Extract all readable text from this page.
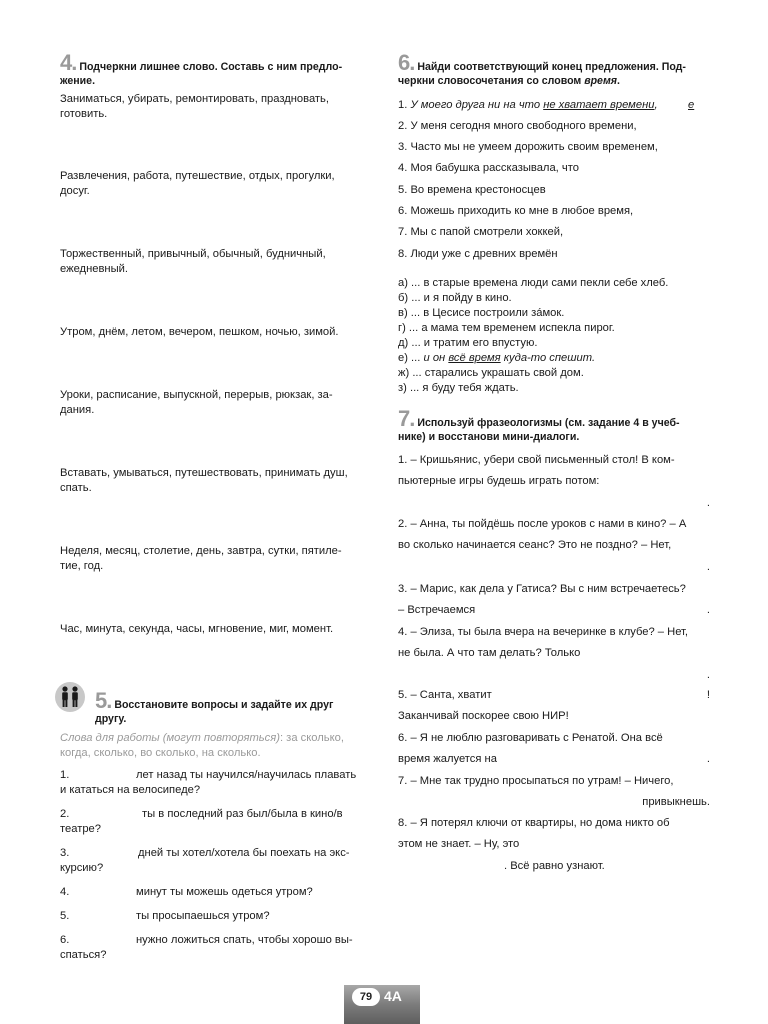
4. Подчеркни лишнее слово. Составь с ним предло-
жение.
Заниматься, убирать, ремонтировать, праздновать,
готовить.
Развлечения, работа, путешествие, отдых, прогулки,
досуг.
Торжественный, привычный, обычный, будничный,
ежедневный.
Утром, днём, летом, вечером, пешком, ночью, зимой.
Уроки, расписание, выпускной, перерыв, рюкзак, за-
дания.
Вставать, умываться, путешествовать, принимать душ,
спать.
Неделя, месяц, столетие, день, завтра, сутки, пятиле-
тие, год.
Час, минута, секунда, часы, мгновение, миг, момент.
5. Восстановите вопросы и задайте их друг
другу.
Слова для работы (могут повторяться): за сколько,
когда, сколько, во сколько, на сколько.
1.	лет назад ты научился/научилась плавать
и кататься на велосипеде?
2.	ты в последний раз был/была в кино/в
театре?
3.	дней ты хотел/хотела бы поехать на экс-
курсию?
4.	минут ты можешь одеться утром?
5.	ты просыпаешься утром?
6.	нужно ложиться спать, чтобы хорошо вы-
спаться?
6. Найди соответствующий конец предложения. Под-
черкни словосочетания со словом время.
1. У моего друга ни на что не хватает времени,	е
2. У меня сегодня много свободного времени,
3. Часто мы не умеем дорожить своим временем,
4. Моя бабушка рассказывала, что
5. Во времена крестоносцев
6. Можешь приходить ко мне в любое время,
7. Мы с папой смотрели хоккей,
8. Люди уже с древних времён
а) ... в старые времена люди сами пекли себе хлеб.
б) ... и я пойду в кино.
в) ... в Цесисе построили зáмок.
г) ... а мама тем временем испекла пирог.
д) ... и тратим его впустую.
е) ... и он всё время куда-то спешит.
ж) ... старались украшать свой дом.
з) ... я буду тебя ждать.
7. Используй фразеологизмы (см. задание 4 в учеб-
нике) и восстанови мини-диалоги.
1. – Кришьянис, убери свой письменный стол! В ком-
пьютерные игры будешь играть потом:
.
2. – Анна, ты пойдёшь после уроков с нами в кино? – А
во сколько начинается сеанс? Это не поздно? – Нет,
.
3. – Марис, как дела у Гатиса? Вы с ним встречаетесь?
– Встречаемся	.
4. – Элиза, ты была вчера на вечеринке в клубе? – Нет,
не была. А что там делать? Только
.
5. – Санта, хватит	!
Заканчивай поскорее свою НИР!
6. – Я не люблю разговаривать с Ренатой. Она всё
время жалуется на	.
7. – Мне так трудно просыпаться по утрам! – Ничего,
привыкнешь.
8. – Я потерял ключи от квартиры, но дома никто об
этом не знает. – Ну, это
. Всё равно узнают.
79 4A
